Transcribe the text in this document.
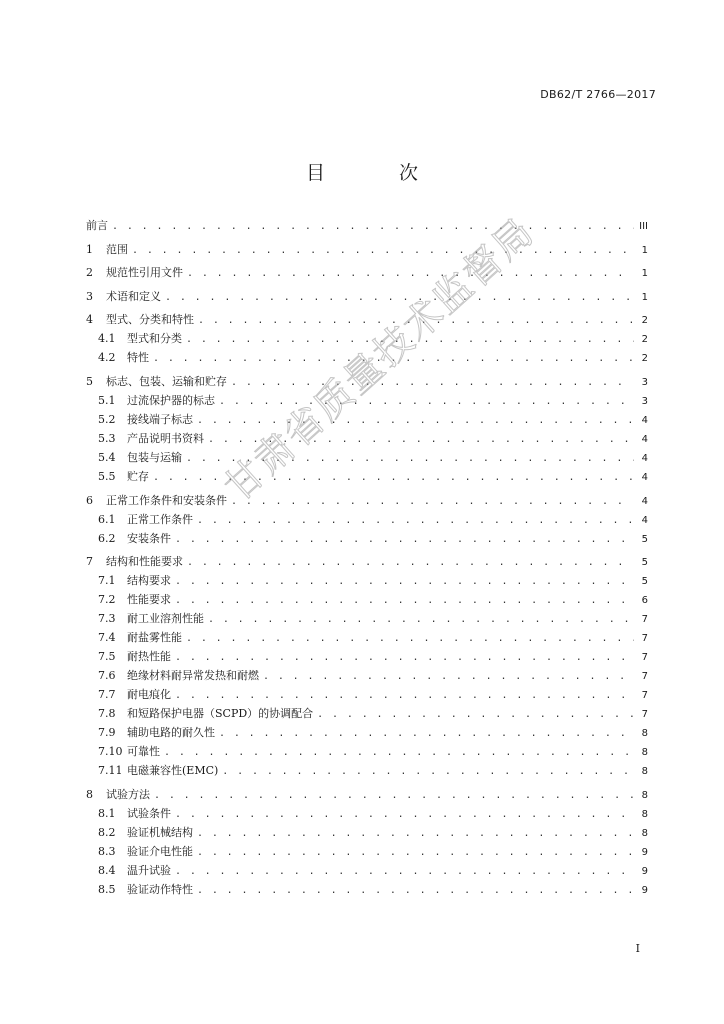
DB62/T 2766—2017
目 次
前言 . . .	III
1	范围 . . .	1
2	规范性引用文件 . . .	1
3	术语和定义 . . .	1
4	型式、分类和特性 . . .	2
4.1	型式和分类 . . .	2
4.2	特性 . . .	2
5	标志、包装、运输和贮存 . . .	3
5.1	过流保护器的标志 . . .	3
5.2	接线端子标志 . . .	4
5.3	产品说明书资料 . . .	4
5.4	包装与运输 . . .	4
5.5	贮存 . . .	4
6	正常工作条件和安装条件 . . .	4
6.1	正常工作条件 . . .	4
6.2	安装条件 . . .	5
7	结构和性能要求 . . .	5
7.1	结构要求 . . .	5
7.2	性能要求 . . .	6
7.3	耐工业溶剂性能 . . .	7
7.4	耐盐雾性能 . . .	7
7.5	耐热性能 . . .	7
7.6	绝缘材料耐异常发热和耐燃 . . .	7
7.7	耐电痕化 . . .	7
7.8	和短路保护电器（SCPD）的协调配合 . . .	7
7.9	辅助电路的耐久性 . . .	8
7.10 可靠性 . . .	8
7.11 电磁兼容性(EMC) . . .	8
8	试验方法 . . .	8
8.1	试验条件 . . .	8
8.2	验证机械结构 . . .	8
8.3	验证介电性能 . . .	9
8.4	温升试验 . . .	9
8.5	验证动作特性 . . .	9
甘肃省质量技术监督局
I
